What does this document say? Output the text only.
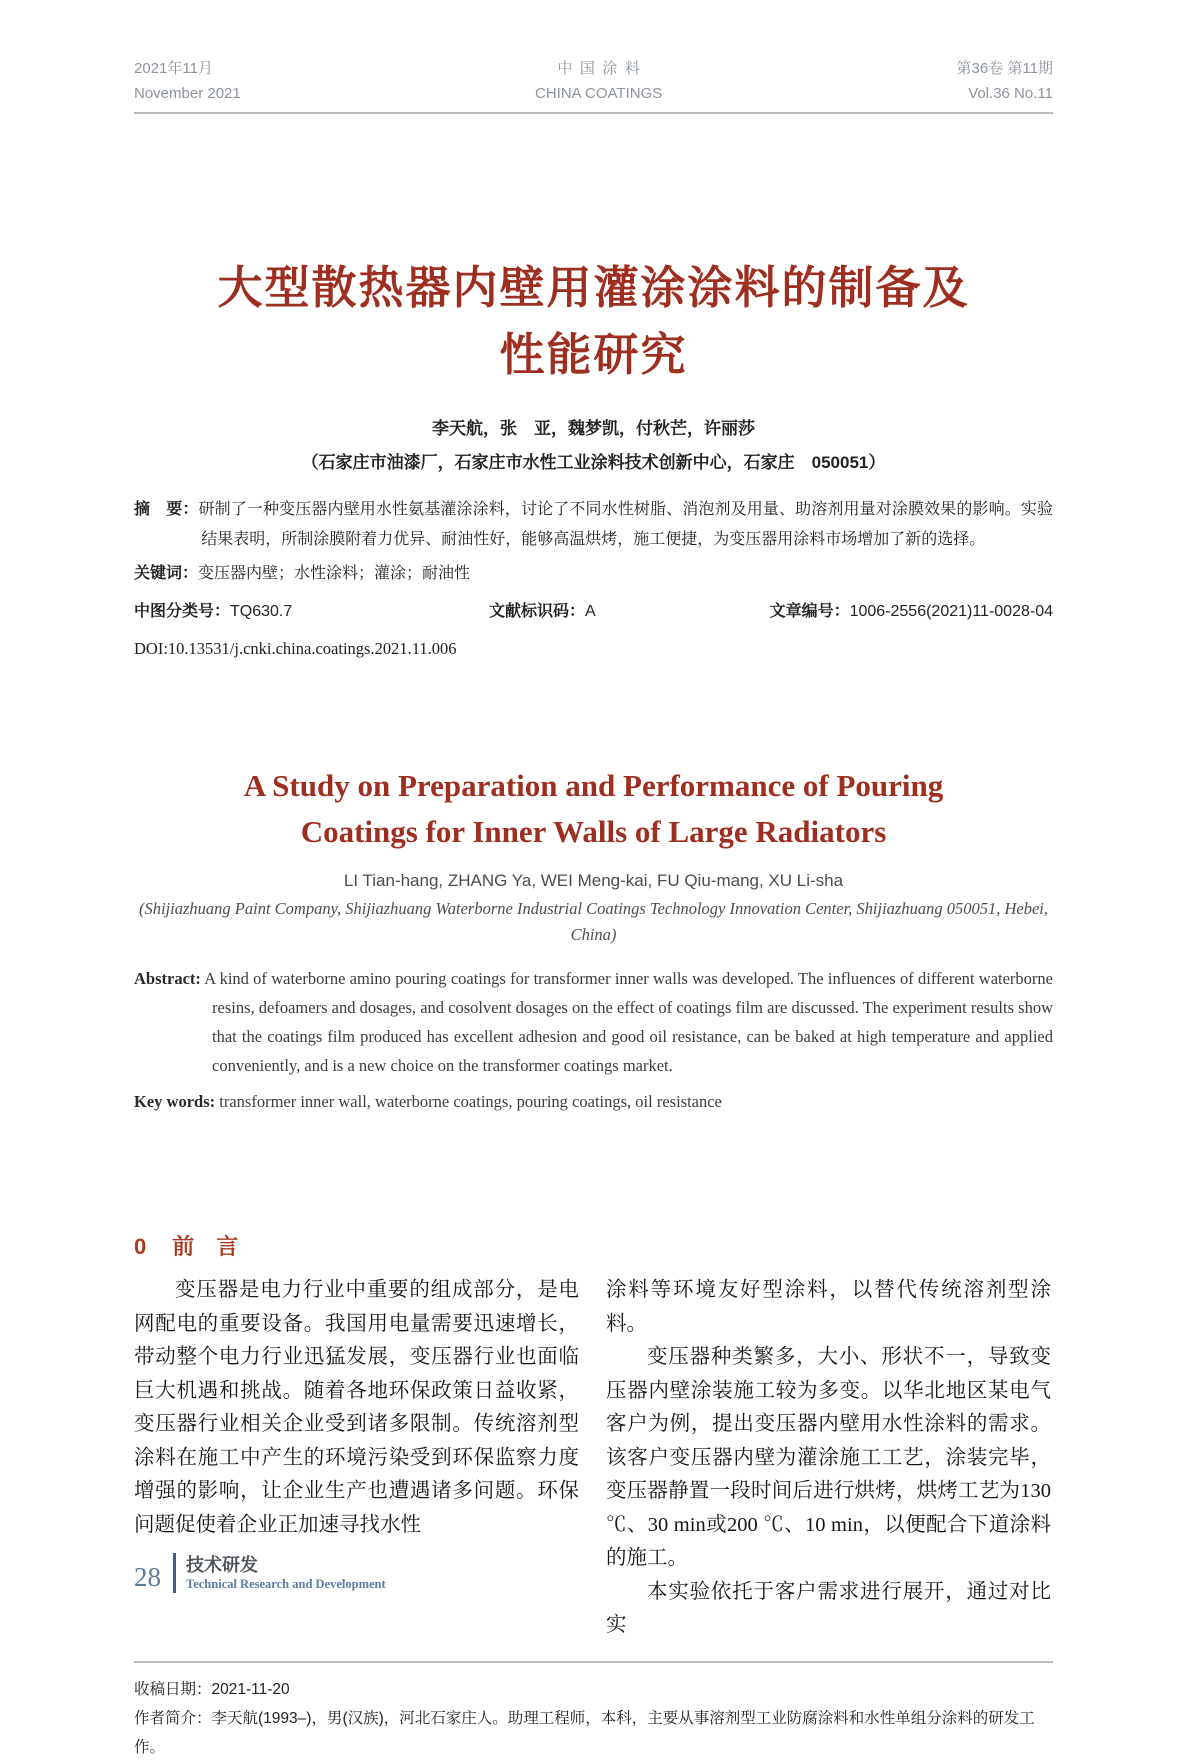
2021年11月
November 2021
中国涂料
CHINA COATINGS
第36卷 第11期
Vol.36 No.11
大型散热器内壁用灌涂涂料的制备及
性能研究
李天航，张　亚，魏梦凯，付秋芒，许丽莎
（石家庄市油漆厂，石家庄市水性工业涂料技术创新中心，石家庄　050051）

摘　要：研制了一种变压器内壁用水性氨基灌涂涂料，讨论了不同水性树脂、消泡剂及用量、助溶剂用量对涂膜效果的影响。实验结果表明，所制涂膜附着力优异、耐油性好，能够高温烘烤，施工便捷，为变压器用涂料市场增加了新的选择。

关键词：变压器内壁；水性涂料；灌涂；耐油性

中图分类号：TQ630.7	文献标识码：A	文章编号：1006-2556(2021)11-0028-04
DOI:10.13531/j.cnki.china.coatings.2021.11.006
A Study on Preparation and Performance of Pouring
Coatings for Inner Walls of Large Radiators
LI Tian-hang, ZHANG Ya, WEI Meng-kai, FU Qiu-mang, XU Li-sha
(Shijiazhuang Paint Company, Shijiazhuang Waterborne Industrial Coatings Technology Innovation Center, Shijiazhuang 050051, Hebei, China)

Abstract: A kind of waterborne amino pouring coatings for transformer inner walls was developed. The influences of different waterborne resins, defoamers and dosages, and cosolvent dosages on the effect of coatings film are discussed. The experiment results show that the coatings film produced has excellent adhesion and good oil resistance, can be baked at high temperature and applied conveniently, and is a new choice on the transformer coatings market.

Key words: transformer inner wall, waterborne coatings, pouring coatings, oil resistance

0 前　言

变压器是电力行业中重要的组成部分，是电网配电的重要设备。我国用电量需要迅速增长，带动整个电力行业迅猛发展，变压器行业也面临巨大机遇和挑战。随着各地环保政策日益收紧，变压器行业相关企业受到诸多限制。传统溶剂型涂料在施工中产生的环境污染受到环保监察力度增强的影响，让企业生产也遭遇诸多问题。环保问题促使着企业正加速寻找水性

涂料等环境友好型涂料，以替代传统溶剂型涂料。

变压器种类繁多，大小、形状不一，导致变压器内壁涂装施工较为多变。以华北地区某电气客户为例，提出变压器内壁用水性涂料的需求。该客户变压器内壁为灌涂施工工艺，涂装完毕，变压器静置一段时间后进行烘烤，烘烤工艺为130 ℃、30 min或200 ℃、10 min，以便配合下道涂料的施工。

本实验依托于客户需求进行展开，通过对比实

收稿日期：2021-11-20
作者简介：李天航(1993–)，男(汉族)，河北石家庄人。助理工程师，本科，主要从事溶剂型工业防腐涂料和水性单组分涂料的研发工作。
28 技术研发
Technical Research and Development
